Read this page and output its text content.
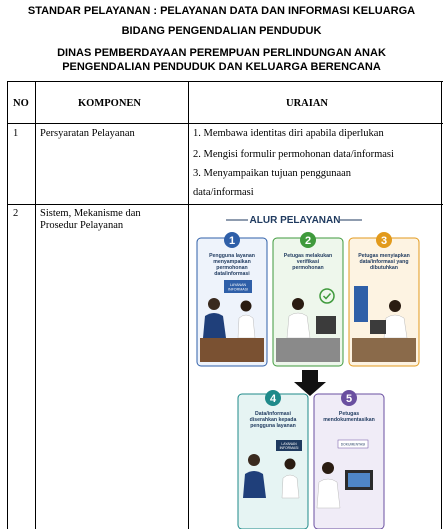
STANDAR PELAYANAN : PELAYANAN DATA DAN INFORMASI KELUARGA
BIDANG PENGENDALIAN PENDUDUK
DINAS PEMBERDAYAAN PEREMPUAN PERLINDUNGAN ANAK
PENGENDALIAN PENDUDUK DAN KELUARGA BERENCANA
NO	KOMPONEN	URAIAN
1 Persyaratan Pelayanan	1. Membawa identitas diri apabila diperlukan
2. Mengisi formulir permohonan data/informasi
3. Menyampaikan tujuan penggunaan
data/informasi
2 Sistem, Mekanisme dan
Prosedur Pelayanan	ALUR PELAYANAN
1
Pengguna layanan
menyampaikan
permohonan
data/informasi
LAYANAN
INFORMASI
2
Petugas melakukan
verifikasi
permohonan
3
Petugas menyiapkan
data/informasi yang
dibutuhkan
4
Data/informasi
diserahkan kepada
pengguna layanan
LAYANAN
INFORMASI
5
Petugas
mendokumentasikan
DOKUMENTASI
